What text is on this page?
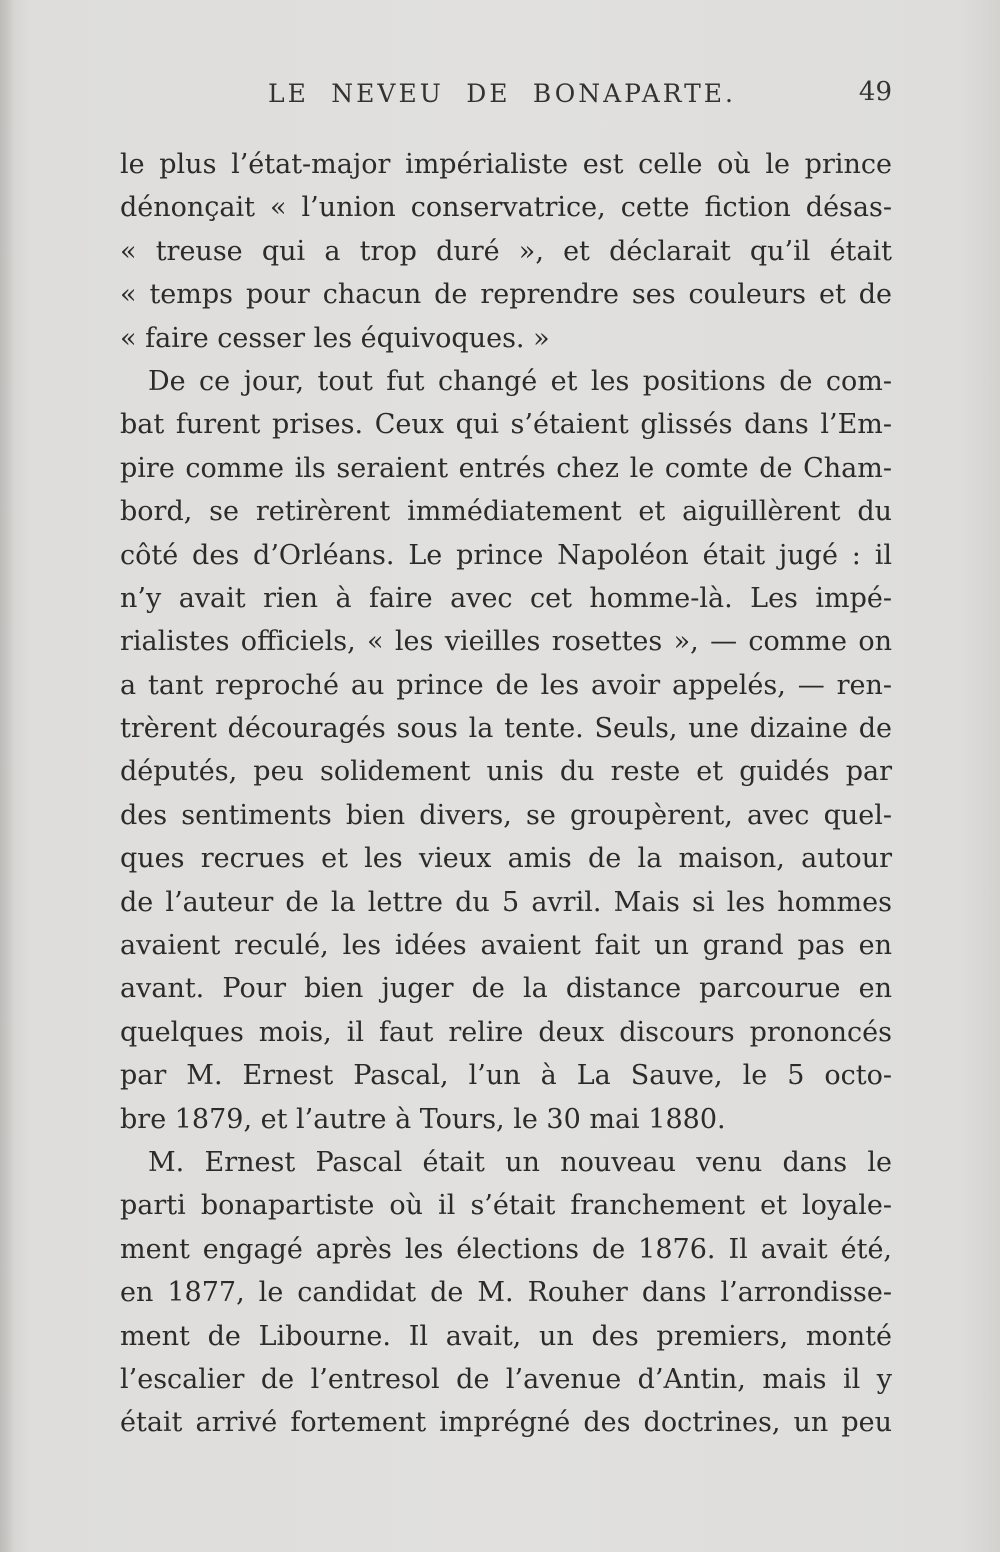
LE NEVEU DE BONAPARTE.	49
le plus l’état-major impérialiste est celle où le prince
dénonçait « l’union conservatrice, cette fiction désas-
« treuse qui a trop duré », et déclarait qu’il était
« temps pour chacun de reprendre ses couleurs et de
« faire cesser les équivoques. »
De ce jour, tout fut changé et les positions de com-
bat furent prises. Ceux qui s’étaient glissés dans l’Em-
pire comme ils seraient entrés chez le comte de Cham-
bord, se retirèrent immédiatement et aiguillèrent du
côté des d’Orléans. Le prince Napoléon était jugé : il
n’y avait rien à faire avec cet homme-là. Les impé-
rialistes officiels, « les vieilles rosettes », — comme on
a tant reproché au prince de les avoir appelés, — ren-
trèrent découragés sous la tente. Seuls, une dizaine de
députés, peu solidement unis du reste et guidés par
des sentiments bien divers, se groupèrent, avec quel-
ques recrues et les vieux amis de la maison, autour
de l’auteur de la lettre du 5 avril. Mais si les hommes
avaient reculé, les idées avaient fait un grand pas en
avant. Pour bien juger de la distance parcourue en
quelques mois, il faut relire deux discours prononcés
par M. Ernest Pascal, l’un à La Sauve, le 5 octo-
bre 1879, et l’autre à Tours, le 30 mai 1880.
M. Ernest Pascal était un nouveau venu dans le
parti bonapartiste où il s’était franchement et loyale-
ment engagé après les élections de 1876. Il avait été,
en 1877, le candidat de M. Rouher dans l’arrondisse-
ment de Libourne. Il avait, un des premiers, monté
l’escalier de l’entresol de l’avenue d’Antin, mais il y
était arrivé fortement imprégné des doctrines, un peu
